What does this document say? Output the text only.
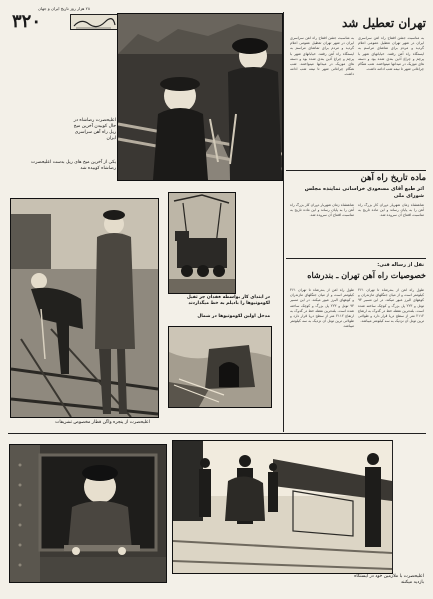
۲۸ هزار روز تاریخ ایران و جهان
۳۲۰
اعلیحضرت رضاشاه در حال کوبیدن آخرین میخ ریل راه آهن سراسری ایران
یکی از آخرین میخ های ریل بدست اعلیحضرت رضاشاه کوبیده شد
تهران تعطیل شد
به مناسبت جشن افتتاح راه آهن سراسری ایران در شهر تهران تعطیل عمومی اعلام گردید و مردم برای تماشای مراسم به ایستگاه راه آهن رفتند. خیابانهای شهر با پرچم و چراغ آذین بندی شده بود و دسته های موزیک در میدانها مینواختند. شب هنگام چراغانی شهر تا نیمه شب ادامه داشت.
به مناسبت جشن افتتاح راه آهن سراسری ایران در شهر تهران تعطیل عمومی اعلام گردید و مردم برای تماشای مراسم به ایستگاه راه آهن رفتند. خیابانهای شهر با پرچم و چراغ آذین بندی شده بود و دسته های موزیک در میدانها مینواختند. شب هنگام چراغانی شهر تا نیمه شب ادامه داشت.
ماده تاریخ راه آهن
اثر طبع آقای مسعودی خراسانی نماینده مجلس شورای ملی
شاهنشاه زمان شهریار دوران کار بزرگ راه آهن را به پایان رساند و این ماده تاریخ به مناسبت افتتاح آن سروده شد.
شاهنشاه زمان شهریار دوران کار بزرگ راه آهن را به پایان رساند و این ماده تاریخ به مناسبت افتتاح آن سروده شد.
نقل از رساله فنی:
خصوصیات راه آهن تهران ـ بندرشاه
طول راه آهن از بندرشاه تا تهران ۴۶۱ کیلومتر است و از میان جنگلهای مازندران و کوههای البرز عبور میکند. در این مسیر ۹۳ تونل و ۲۲۳ پل بزرگ و کوچک ساخته شده است. بلندترین نقطه خط در گدوک به ارتفاع ۲۱۱۲ متر از سطح دریا قرار دارد و طولانی ترین تونل آن نزدیک به سه کیلومتر میباشد.
طول راه آهن از بندرشاه تا تهران ۴۶۱ کیلومتر است و از میان جنگلهای مازندران و کوههای البرز عبور میکند. در این مسیر ۹۳ تونل و ۲۲۳ پل بزرگ و کوچک ساخته شده است. بلندترین نقطه خط در گدوک به ارتفاع ۲۱۱۲ متر از سطح دریا قرار دارد و طولانی ترین تونل آن نزدیک به سه کیلومتر میباشد.
در ابتدای کار بواسطه فقدان جر ثقیل لکوموتیوها را بادیلم به خط میگذاردند
مدخل اولین لکوموتیوها در شمال
اعلیحضرت از پنجره واگن قطار مخصوص تشریفات
اعلیحضرت با ملازمین خود در ایستگاه بازدید میکنند
